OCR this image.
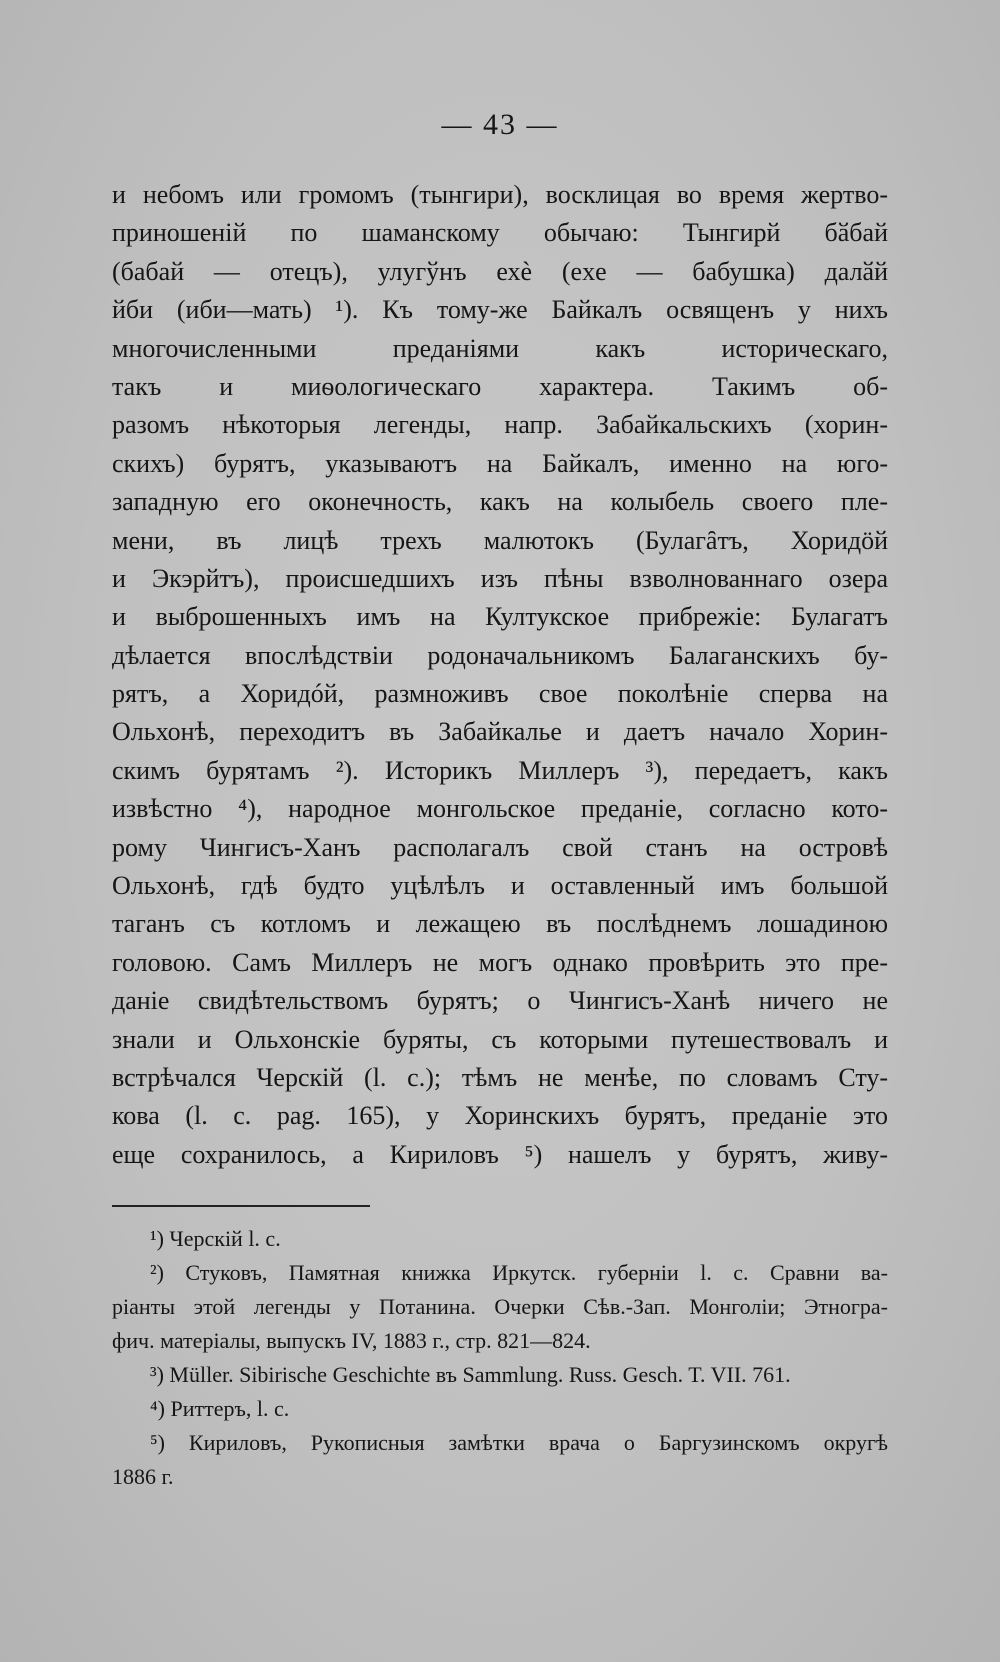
— 43 —
и небомъ или громомъ (тынгири), восклицая во время жертво-
приношеній по шаманскому обычаю: Тынгирй бӑбай
(бабай — отецъ), улугўнъ ехѐ (exe — бабушка) далӑй
йби (иби—мать) ¹). Къ тому-же Байкалъ освященъ у нихъ
многочисленными преданіями какъ историческаго,
такъ и миѳологическаго характера. Такимъ об-
разомъ нѣкоторыя легенды, напр. Забайкальскихъ (хорин-
скихъ) бурятъ, указываютъ на Байкалъ, именно на юго-
западную его оконечность, какъ на колыбель своего пле-
мени, въ лицѣ трехъ малютокъ (Булагȃтъ, Хоридӧй
и Экэрйтъ), происшедшихъ изъ пѣны взволнованнаго озера
и выброшенныхъ имъ на Култукское прибрежіе: Булагатъ
дѣлается впослѣдствіи родоначальникомъ Балаганскихъ бу-
рятъ, а Хоридóй, размноживъ свое поколѣніе сперва на
Ольхонѣ, переходитъ въ Забайкалье и даетъ начало Хорин-
скимъ бурятамъ ²). Историкъ Миллеръ ³), передаетъ, какъ
извѣстно ⁴), народное монгольское преданіе, согласно кото-
рому Чингисъ-Ханъ располагалъ свой станъ на островѣ
Ольхонѣ, гдѣ будто уцѣлѣлъ и оставленный имъ большой
таганъ съ котломъ и лежащею въ послѣднемъ лошадиною
головою. Самъ Миллеръ не могъ однако провѣрить это пре-
даніе свидѣтельствомъ бурятъ; о Чингисъ-Ханѣ ничего не
знали и Ольхонскіе буряты, съ которыми путешествовалъ и
встрѣчался Черскій (l. c.); тѣмъ не менѣе, по словамъ Сту-
кова (l. c. pag. 165), у Хоринскихъ бурятъ, преданіе это
еще сохранилось, а Кириловъ ⁵) нашелъ у бурятъ, живу-
¹) Черскій l. c.
²) Стуковъ, Памятная книжка Иркутск. губерніи l. c. Сравни ва-
ріанты этой легенды у Потанина. Очерки Сѣв.-Зап. Монголіи; Этногра-
фич. матеріалы, выпускъ IV, 1883 г., стр. 821—824.
³) Müller. Sibirische Geschichte въ Sammlung. Russ. Gesch. T. VII. 761.
⁴) Риттеръ, l. c.
⁵) Кириловъ, Рукописныя замѣтки врача о Баргузинскомъ округѣ
1886 г.
